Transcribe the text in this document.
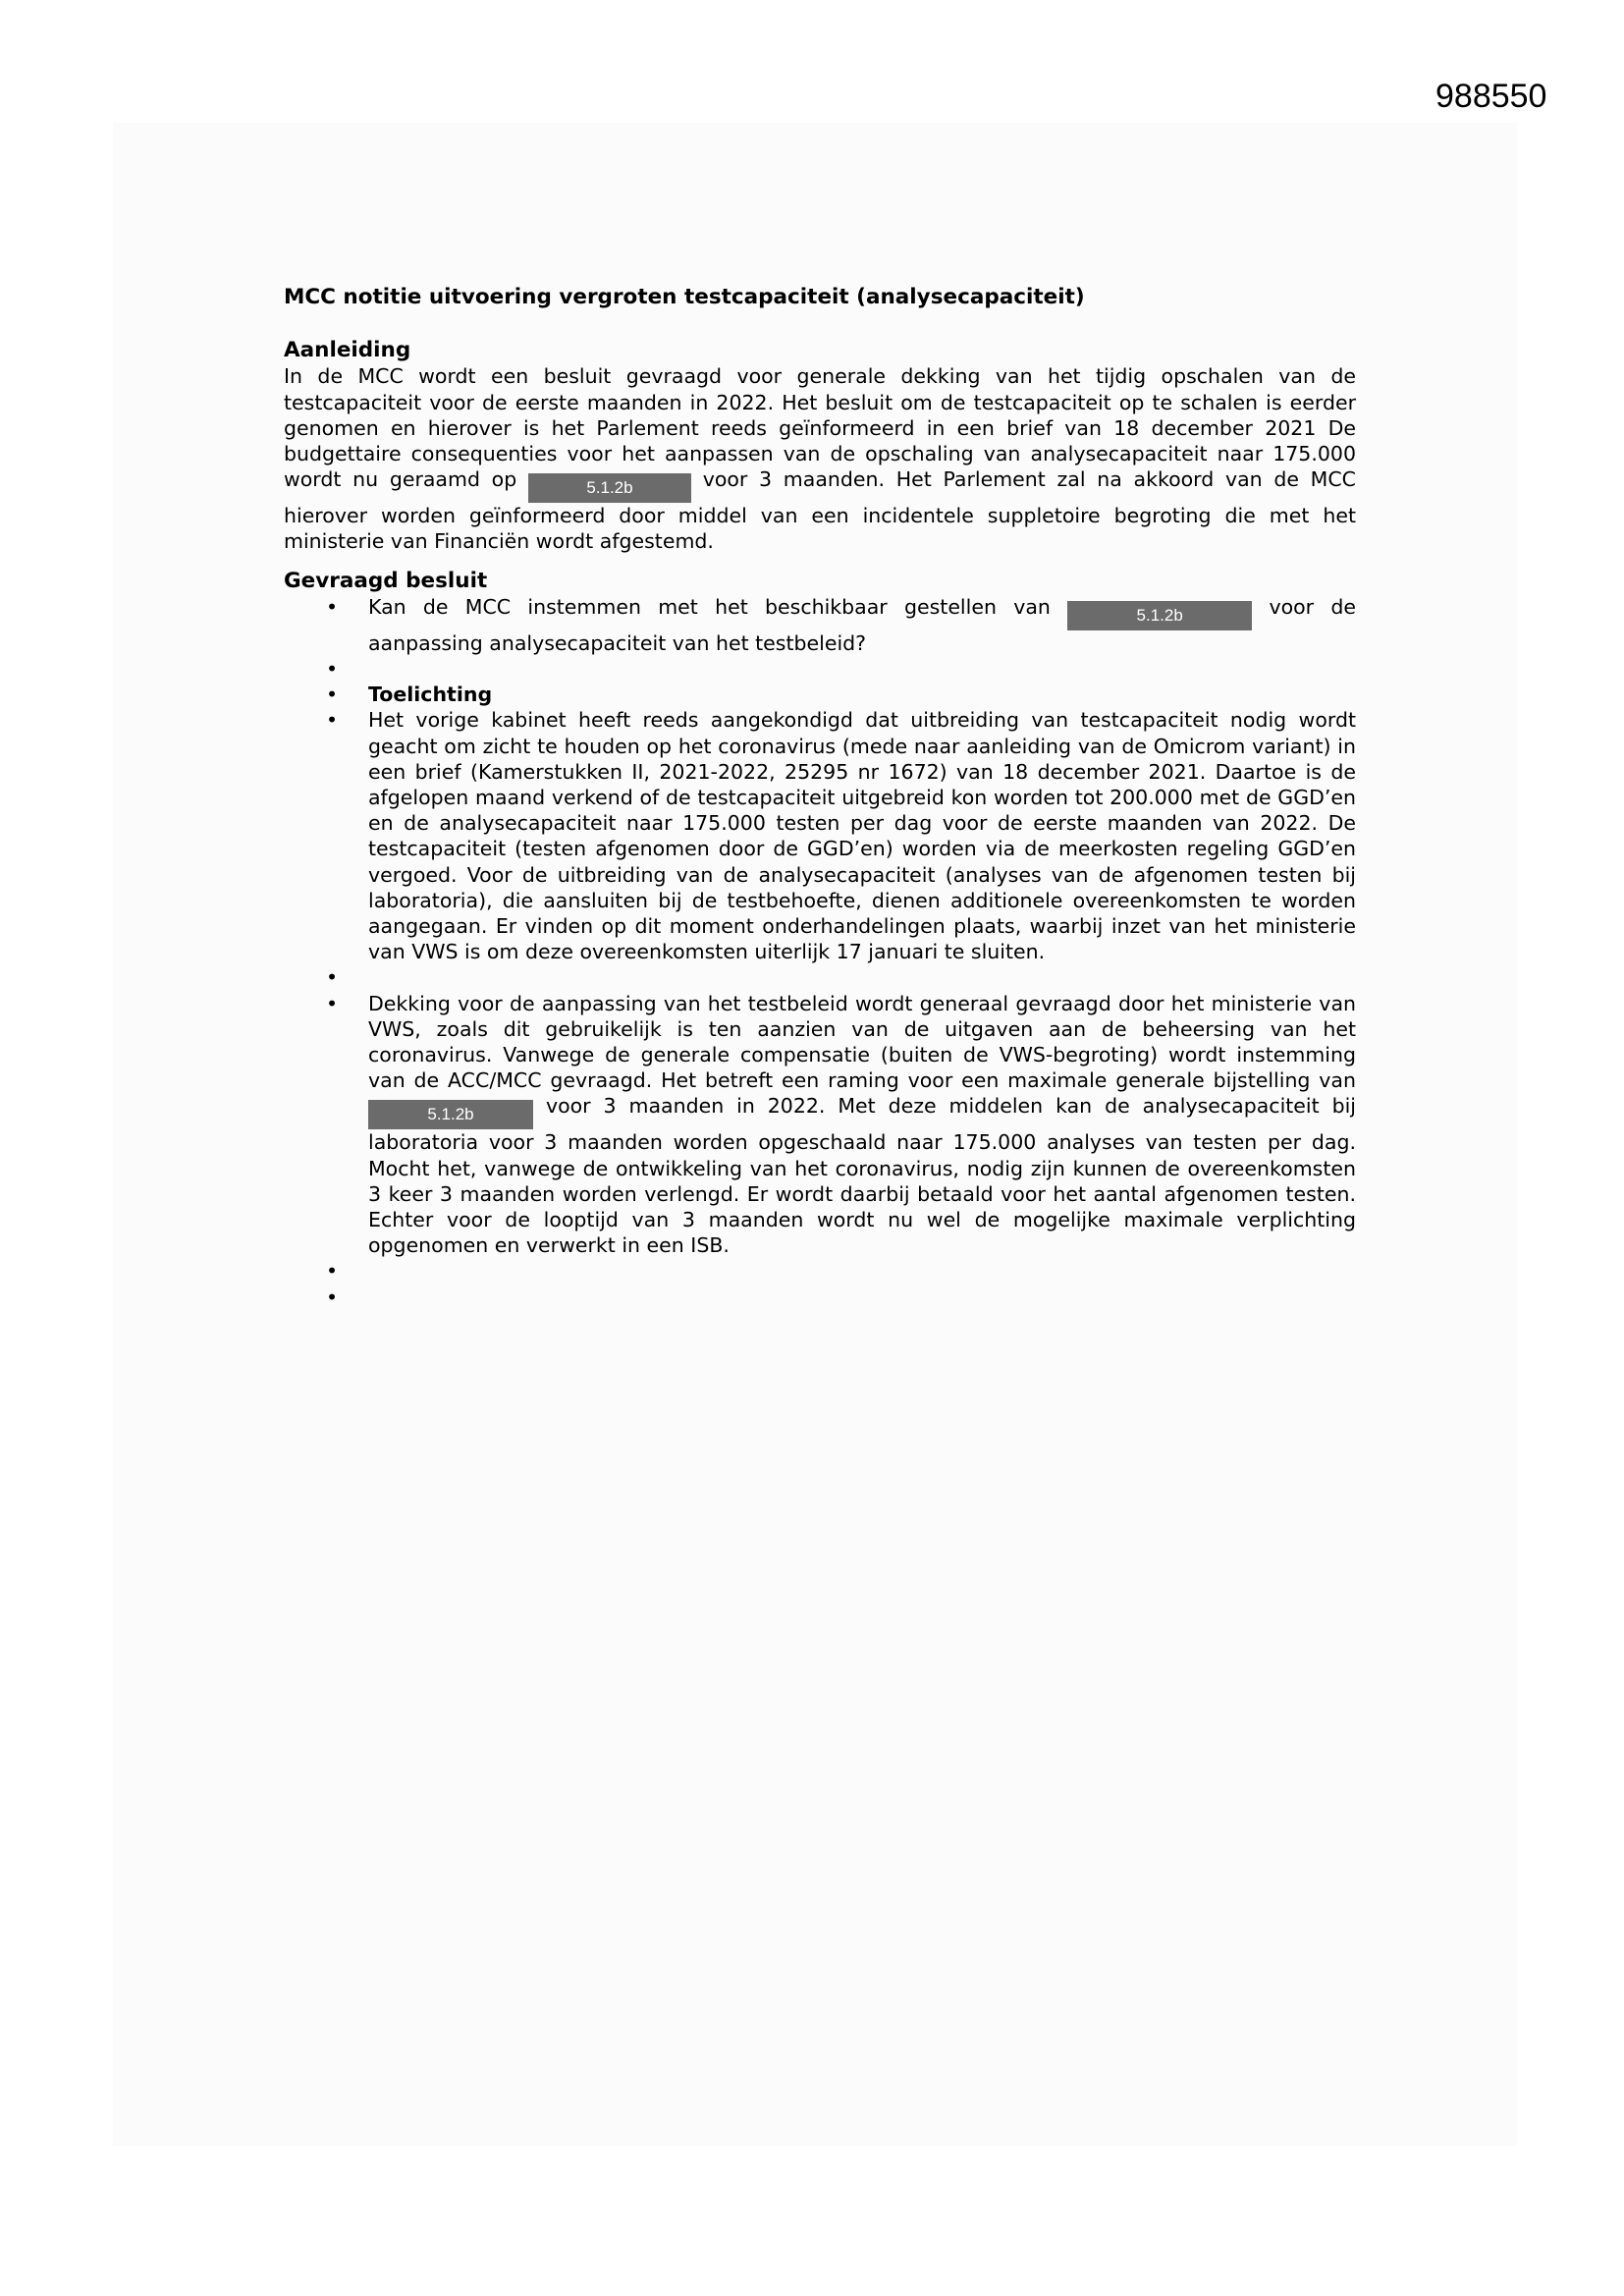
988550

MCC notitie uitvoering vergroten testcapaciteit (analysecapaciteit)

Aanleiding

In de MCC wordt een besluit gevraagd voor generale dekking van het tijdig opschalen van de testcapaciteit voor de eerste maanden in 2022. Het besluit om de testcapaciteit op te schalen is eerder genomen en hierover is het Parlement reeds geïnformeerd in een brief van 18 december 2021 De budgettaire consequenties voor het aanpassen van de opschaling van analysecapaciteit naar 175.000 wordt nu geraamd op	5.1.2b	voor 3 maanden. Het Parlement zal na akkoord van de MCC hierover worden geïnformeerd door middel van een incidentele suppletoire begroting die met het ministerie van Financiën wordt afgestemd.

Gevraagd besluit

• Kan de MCC instemmen met het beschikbaar gestellen van	5.1.2b	voor de aanpassing analysecapaciteit van het testbeleid?
•
• Toelichting
• Het vorige kabinet heeft reeds aangekondigd dat uitbreiding van testcapaciteit nodig wordt geacht om zicht te houden op het coronavirus (mede naar aanleiding van de Omicrom variant) in een brief (Kamerstukken II, 2021-2022, 25295 nr 1672) van 18 december 2021. Daartoe is de afgelopen maand verkend of de testcapaciteit uitgebreid kon worden tot 200.000 met de GGD’en en de analysecapaciteit naar 175.000 testen per dag voor de eerste maanden van 2022. De testcapaciteit (testen afgenomen door de GGD’en) worden via de meerkosten regeling GGD’en vergoed. Voor de uitbreiding van de analysecapaciteit (analyses van de afgenomen testen bij laboratoria), die aansluiten bij de testbehoefte, dienen additionele overeenkomsten te worden aangegaan. Er vinden op dit moment onderhandelingen plaats, waarbij inzet van het ministerie van VWS is om deze overeenkomsten uiterlijk 17 januari te sluiten.
•
• Dekking voor de aanpassing van het testbeleid wordt generaal gevraagd door het ministerie van VWS, zoals dit gebruikelijk is ten aanzien van de uitgaven aan de beheersing van het coronavirus. Vanwege de generale compensatie (buiten de VWS-begroting) wordt instemming van de ACC/MCC gevraagd. Het betreft een raming voor een maximale generale bijstelling van 5.1.2b	voor 3 maanden in 2022. Met deze middelen kan de analysecapaciteit bij laboratoria voor 3 maanden worden opgeschaald naar 175.000 analyses van testen per dag. Mocht het, vanwege de ontwikkeling van het coronavirus, nodig zijn kunnen de overeenkomsten 3 keer 3 maanden worden verlengd. Er wordt daarbij betaald voor het aantal afgenomen testen. Echter voor de looptijd van 3 maanden wordt nu wel de mogelijke maximale verplichting opgenomen en verwerkt in een ISB.
•
•
